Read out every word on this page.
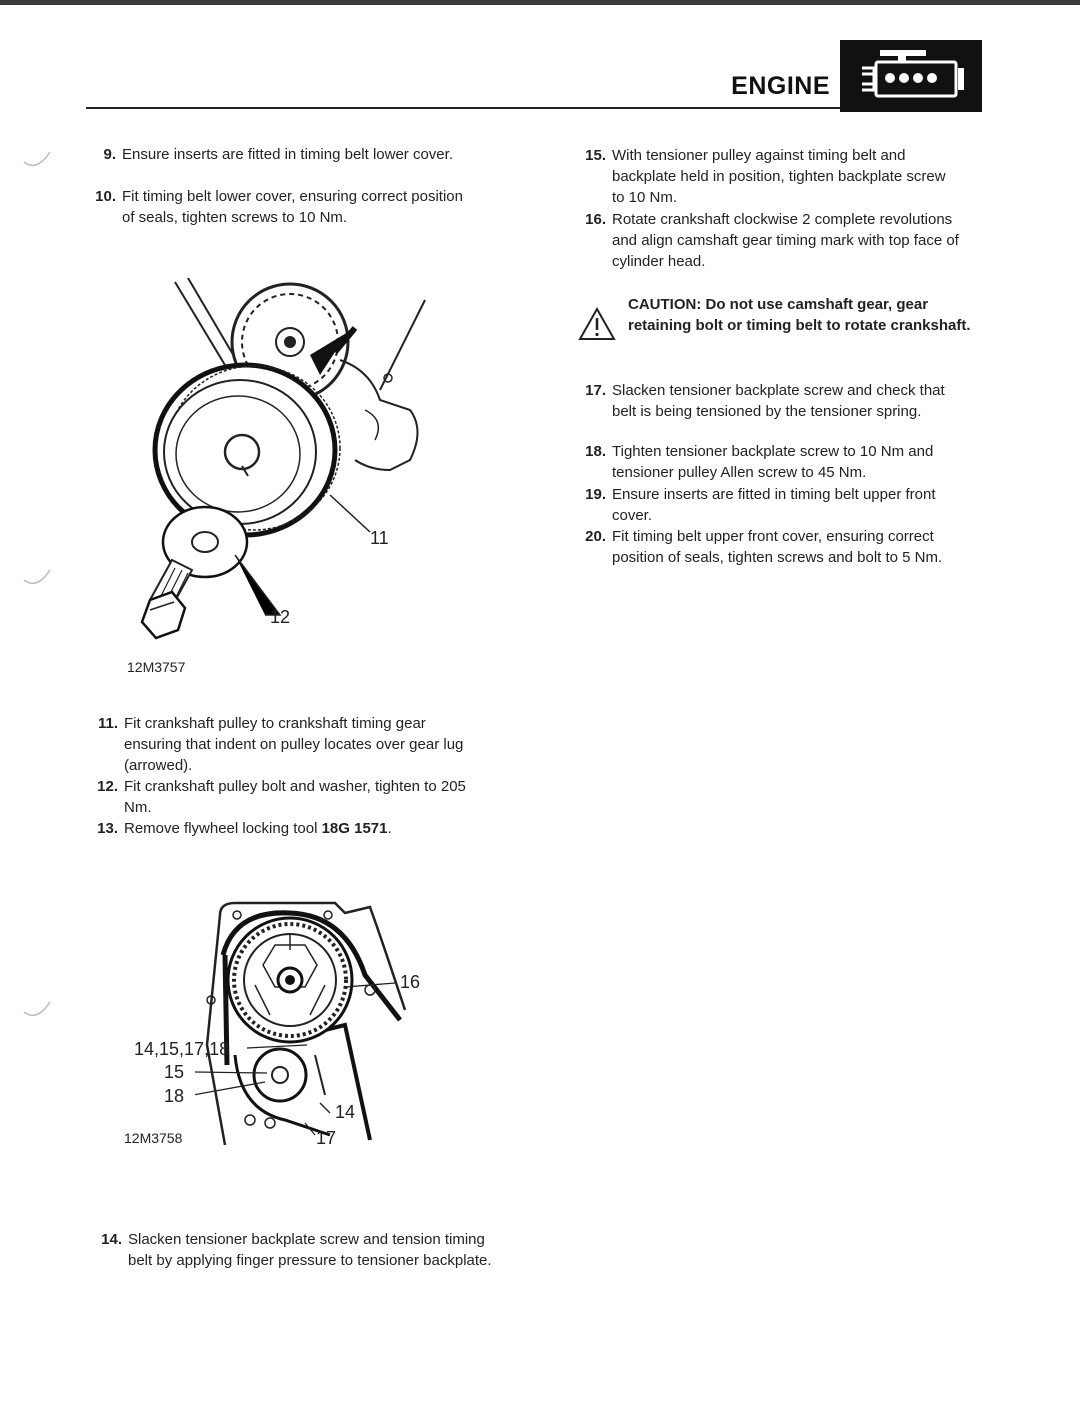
ENGINE
9. Ensure inserts are fitted in timing belt lower cover.
10. Fit timing belt lower cover, ensuring correct position of seals, tighten screws to 10 Nm.
11
12
12M3757
11. Fit crankshaft pulley to crankshaft timing gear ensuring that indent on pulley locates over gear lug (arrowed).
12. Fit crankshaft pulley bolt and washer, tighten to 205 Nm.
13. Remove flywheel locking tool 18G 1571.
16
14,15,17,18
15
18
14
17
12M3758
14. Slacken tensioner backplate screw and tension timing belt by applying finger pressure to tensioner backplate.
15. With tensioner pulley against timing belt and backplate held in position, tighten backplate screw to 10 Nm.
16. Rotate crankshaft clockwise 2 complete revolutions and align camshaft gear timing mark with top face of cylinder head.
CAUTION: Do not use camshaft gear, gear retaining bolt or timing belt to rotate crankshaft.
17. Slacken tensioner backplate screw and check that belt is being tensioned by the tensioner spring.
18. Tighten tensioner backplate screw to 10 Nm and tensioner pulley Allen screw to 45 Nm.
19. Ensure inserts are fitted in timing belt upper front cover.
20. Fit timing belt upper front cover, ensuring correct position of seals, tighten screws and bolt to 5 Nm.
